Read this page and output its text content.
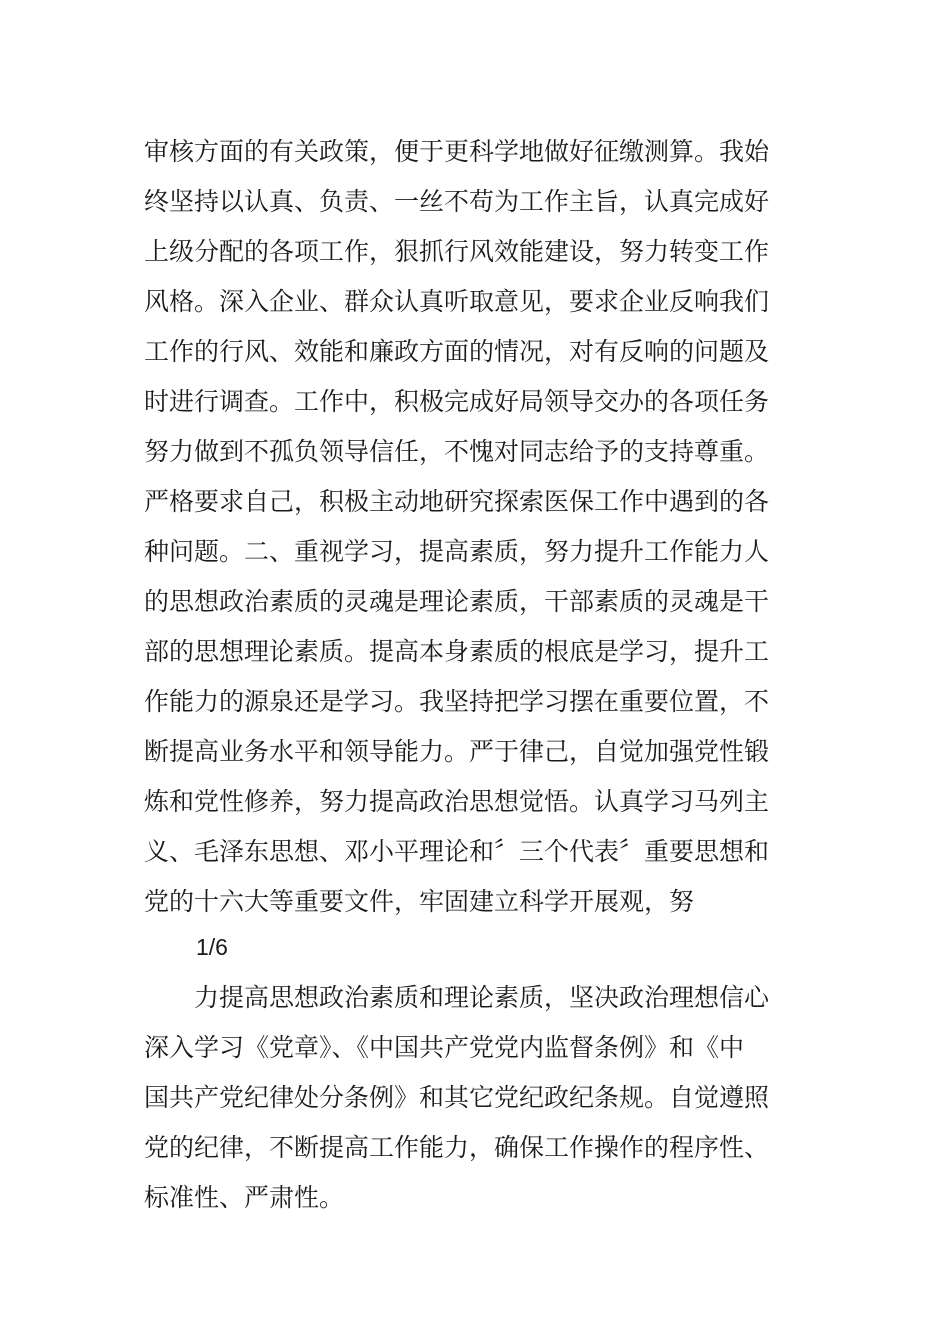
审核方面的有关政策，便于更科学地做好征缴测算。我始
终坚持以认真、负责、一丝不苟为工作主旨，认真完成好
上级分配的各项工作，狠抓行风效能建设，努力转变工作
风格。深入企业、群众认真听取意见，要求企业反响我们
工作的行风、效能和廉政方面的情况，对有反响的问题及
时进行调查。工作中，积极完成好局领导交办的各项任务
努力做到不孤负领导信任，不愧对同志给予的支持尊重。
严格要求自己，积极主动地研究探索医保工作中遇到的各
种问题。二、重视学习，提高素质，努力提升工作能力人
的思想政治素质的灵魂是理论素质，干部素质的灵魂是干
部的思想理论素质。提高本身素质的根底是学习，提升工
作能力的源泉还是学习。我坚持把学习摆在重要位置，不
断提高业务水平和领导能力。严于律己，自觉加强党性锻
炼和党性修养，努力提高政治思想觉悟。认真学习马列主
义、毛泽东思想、邓小平理论和〞三个代表〞重要思想和
党的十六大等重要文件，牢固建立科学开展观，努
1/6
　　力提高思想政治素质和理论素质，坚决政治理想信心
深入学习《党章》、《中国共产党党内监督条例》和《中
国共产党纪律处分条例》和其它党纪政纪条规。自觉遵照
党的纪律，不断提高工作能力，确保工作操作的程序性、
标准性、严肃性。
